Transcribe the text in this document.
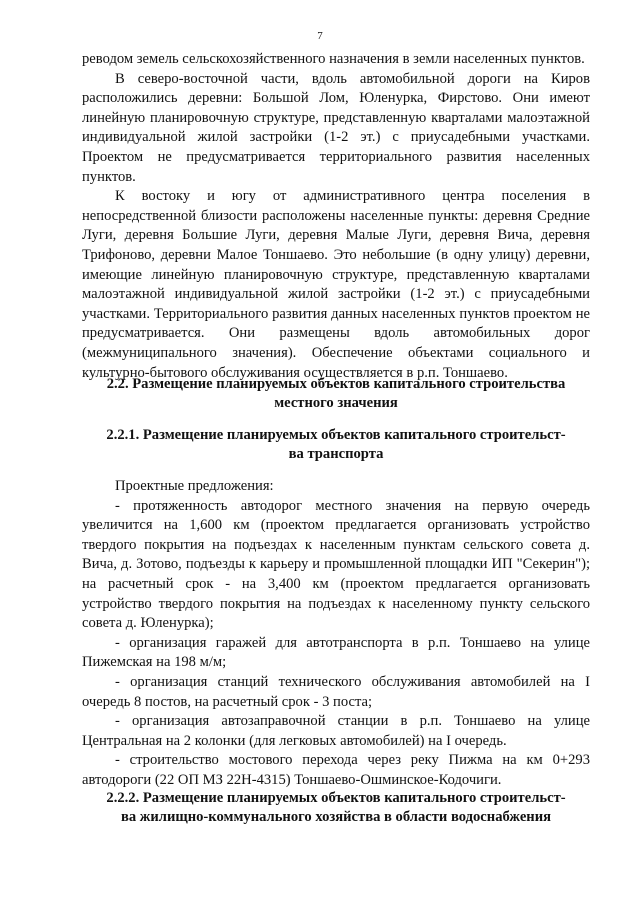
7

реводом земель сельскохозяйственного назначения в земли населенных пунктов.

В северо-восточной части, вдоль автомобильной дороги на Киров расположились деревни: Большой Лом, Юленурка, Фирстово. Они имеют линейную планировочную структуре, представленную кварталами малоэтажной индивидуальной жилой застройки (1-2 эт.) с приусадебными участками. Проектом не предусматривается территориального развития населенных пунктов.

К востоку и югу от административного центра поселения в непосредственной близости расположены населенные пункты: деревня Средние Луги, деревня Большие Луги, деревня Малые Луги, деревня Вича, деревня Трифоново, деревни Малое Тоншаево. Это небольшие (в одну улицу) деревни, имеющие линейную планировочную структуре, представленную кварталами малоэтажной индивидуальной жилой застройки (1-2 эт.) с приусадебными участками. Территориального развития данных населенных пунктов проектом не предусматривается. Они размещены вдоль автомобильных дорог (межмуниципального значения). Обеспечение объектами социального и культурно-бытового обслуживания осуществляется в р.п. Тоншаево.

2.2. Размещение планируемых объектов капитального строительства
местного значения
2.2.1. Размещение планируемых объектов капитального строительст-
ва транспорта

Проектные предложения:

- протяженность автодорог местного значения на первую очередь увеличится на 1,600 км (проектом предлагается организовать устройство твердого покрытия на подъездах к населенным пунктам сельского совета д. Вича, д. Зотово, подъезды к карьеру и промышленной площадки ИП "Секерин"); на расчетный срок - на 3,400 км (проектом предлагается организовать устройство твердого покрытия на подъездах к населенному пункту сельского совета д. Юленурка);

- организация гаражей для автотранспорта в р.п. Тоншаево на улице Пижемская на 198 м/м;

- организация станций технического обслуживания автомобилей на I очередь 8 постов, на расчетный срок - 3 поста;

- организация автозаправочной станции в р.п. Тоншаево на улице Центральная на 2 колонки (для легковых автомобилей) на I очередь.

- строительство мостового перехода через реку Пижма на км 0+293 автодороги (22 ОП МЗ 22Н-4315) Тоншаево-Ошминское-Кодочиги.

2.2.2. Размещение планируемых объектов капитального строительст-
ва жилищно-коммунального хозяйства в области водоснабжения
